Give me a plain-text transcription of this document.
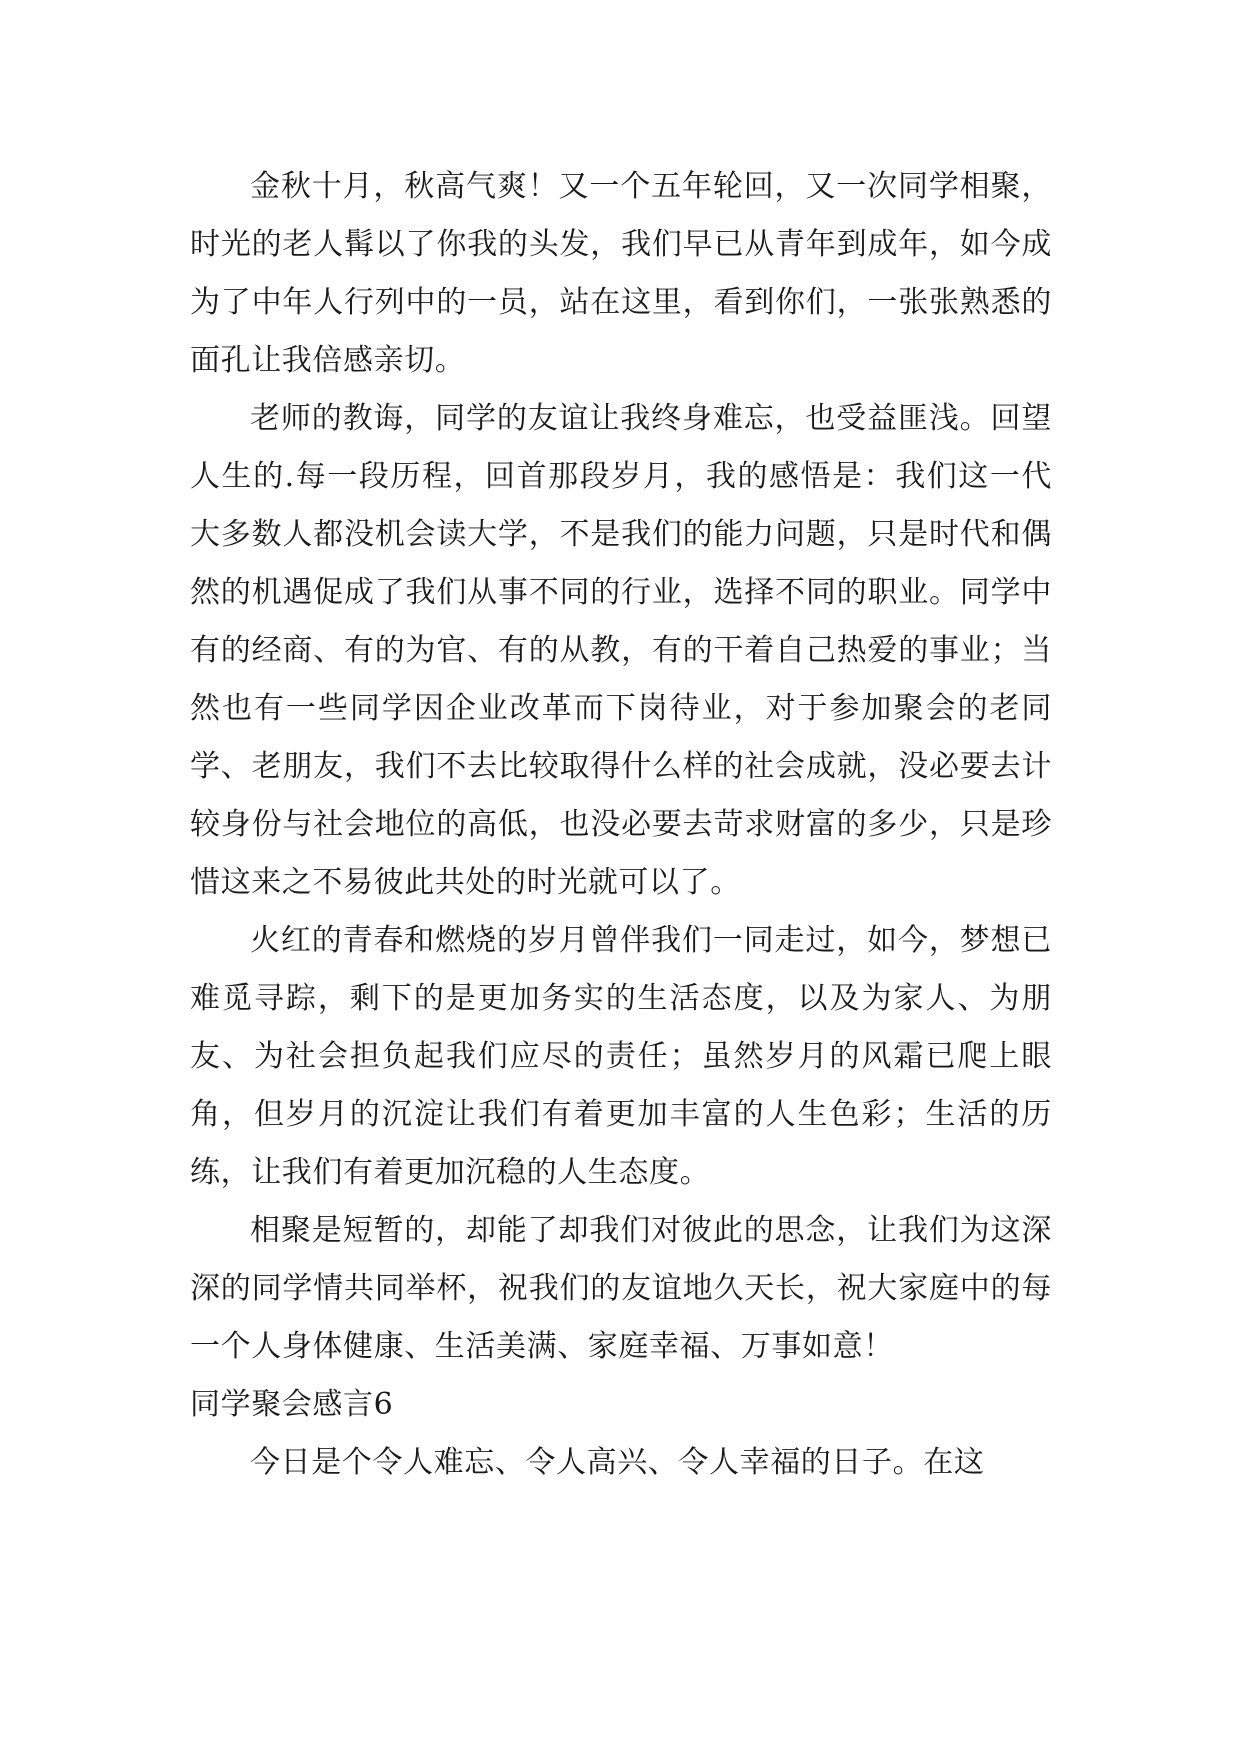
金秋十月，秋高气爽！又一个五年轮回，又一次同学相聚，时光的老人髯以了你我的头发，我们早已从青年到成年，如今成为了中年人行列中的一员，站在这里，看到你们，一张张熟悉的面孔让我倍感亲切。

老师的教诲，同学的友谊让我终身难忘，也受益匪浅。回望人生的.每一段历程，回首那段岁月，我的感悟是：我们这一代大多数人都没机会读大学，不是我们的能力问题，只是时代和偶然的机遇促成了我们从事不同的行业，选择不同的职业。同学中有的经商、有的为官、有的从教，有的干着自己热爱的事业；当然也有一些同学因企业改革而下岗待业，对于参加聚会的老同学、老朋友，我们不去比较取得什么样的社会成就，没必要去计较身份与社会地位的高低，也没必要去苛求财富的多少，只是珍惜这来之不易彼此共处的时光就可以了。

火红的青春和燃烧的岁月曾伴我们一同走过，如今，梦想已难觅寻踪，剩下的是更加务实的生活态度，以及为家人、为朋友、为社会担负起我们应尽的责任；虽然岁月的风霜已爬上眼角，但岁月的沉淀让我们有着更加丰富的人生色彩；生活的历练，让我们有着更加沉稳的人生态度。

相聚是短暂的，却能了却我们对彼此的思念，让我们为这深深的同学情共同举杯，祝我们的友谊地久天长，祝大家庭中的每一个人身体健康、生活美满、家庭幸福、万事如意！

同学聚会感言6

今日是个令人难忘、令人高兴、令人幸福的日子。在这
